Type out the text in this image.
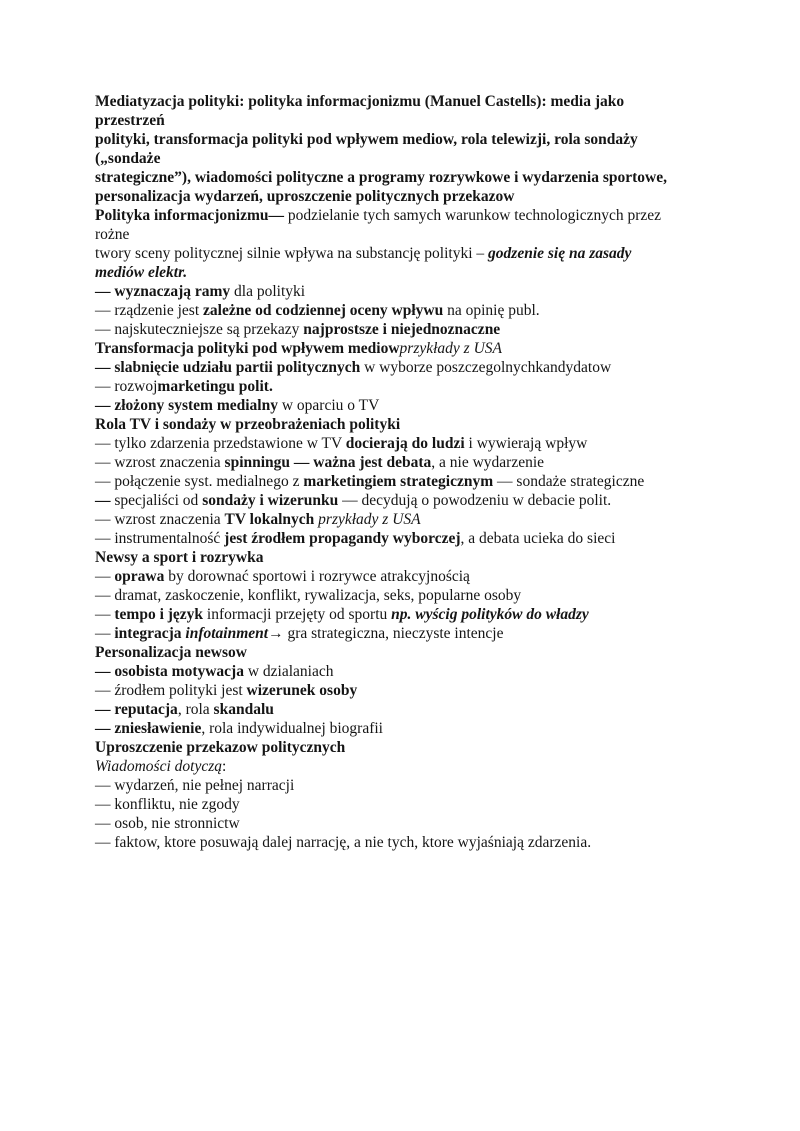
Mediatyzacja polityki: polityka informacjonizmu (Manuel Castells): media jako
przestrzeń
polityki, transformacja polityki pod wpływem mediow, rola telewizji, rola sondaży
(„sondaże
strategiczne”), wiadomości polityczne a programy rozrywkowe i wydarzenia sportowe,
personalizacja wydarzeń, uproszczenie politycznych przekazow
Polityka informacjonizmu— podzielanie tych samych warunkow technologicznych przez
rożne
twory sceny politycznej silnie wpływa na substancję polityki – godzenie się na zasady
mediów elektr.
— wyznaczają ramy dla polityki
— rządzenie jest zależne od codziennej oceny wpływu na opinię publ.
— najskuteczniejsze są przekazy najprostsze i niejednoznaczne
Transformacja polityki pod wpływem mediowprzykłady z USA
— slabnięcie udziału partii politycznych w wyborze poszczegolnychkandydatow
— rozwojmarketingu polit.
— złożony system medialny w oparciu o TV
Rola TV i sondaży w przeobrażeniach polityki
— tylko zdarzenia przedstawione w TV docierają do ludzi i wywierają wpływ
— wzrost znaczenia spinningu — ważna jest debata, a nie wydarzenie
— połączenie syst. medialnego z marketingiem strategicznym — sondaże strategiczne
— specjaliści od sondaży i wizerunku — decydują o powodzeniu w debacie polit.
— wzrost znaczenia TV lokalnych przykłady z USA
— instrumentalność jest źrodłem propagandy wyborczej, a debata ucieka do sieci
Newsy a sport i rozrywka
— oprawa by dorownać sportowi i rozrywce atrakcyjnością
— dramat, zaskoczenie, konflikt, rywalizacja, seks, popularne osoby
— tempo i język informacji przejęty od sportu np. wyścig polityków do władzy
— integracja infotainment→ gra strategiczna, nieczyste intencje
Personalizacja newsow
— osobista motywacja w dzialaniach
— źrodłem polityki jest wizerunek osoby
— reputacja, rola skandalu
— zniesławienie, rola indywidualnej biografii
Uproszczenie przekazow politycznych
Wiadomości dotyczą:
— wydarzeń, nie pełnej narracji
— konfliktu, nie zgody
— osob, nie stronnictw
— faktow, ktore posuwają dalej narrację, a nie tych, ktore wyjaśniają zdarzenia.
